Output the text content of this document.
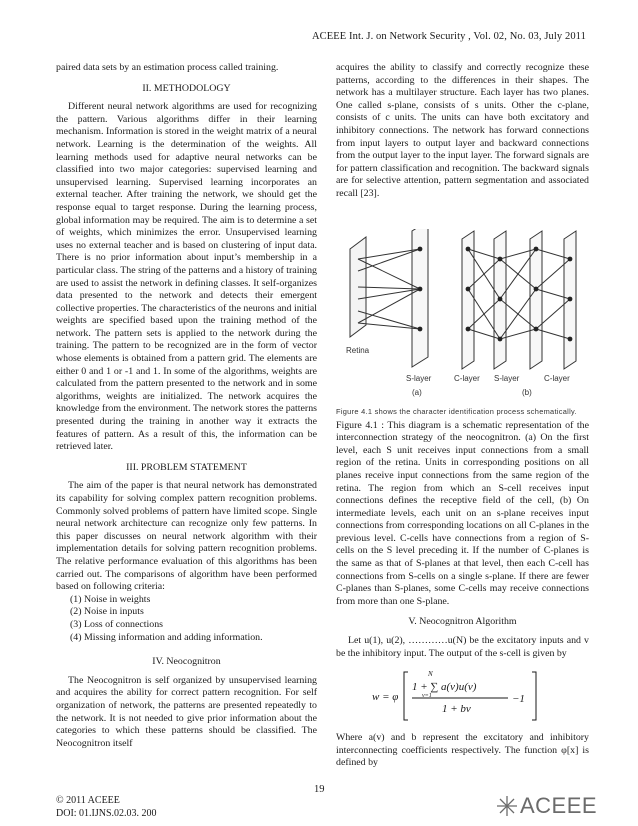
ACEEE Int. J. on Network Security , Vol. 02, No. 03, July 2011

paired data sets by an estimation process called training.

II. METHODOLOGY

Different neural network algorithms are used for recognizing the pattern. Various algorithms differ in their learning mechanism. Information is stored in the weight matrix of a neural network. Learning is the determination of the weights. All learning methods used for adaptive neural networks can be classified into two major categories: supervised learning and unsupervised learning. Supervised learning incorporates an external teacher. After training the network, we should get the response equal to target response. During the learning process, global information may be required. The aim is to determine a set of weights, which minimizes the error. Unsupervised learning uses no external teacher and is based on clustering of input data. There is no prior information about input’s membership in a particular class. The string of the patterns and a history of training are used to assist the network in defining classes. It self-organizes data presented to the network and detects their emergent collective properties. The characteristics of the neurons and initial weights are specified based upon the training method of the network. The pattern sets is applied to the network during the training. The pattern to be recognized are in the form of vector whose elements is obtained from a pattern grid. The elements are either 0 and 1 or -1 and 1. In some of the algorithms, weights are calculated from the pattern presented to the network and in some algorithms, weights are initialized. The network acquires the knowledge from the environment. The network stores the patterns presented during the training in another way it extracts the features of pattern. As a result of this, the information can be retrieved later.

III. PROBLEM STATEMENT

The aim of the paper is that neural network has demonstrated its capability for solving complex pattern recognition problems. Commonly solved problems of pattern have limited scope. Single neural network architecture can recognize only few patterns. In this paper discusses on neural network algorithm with their implementation details for solving pattern recognition problems. The relative performance evaluation of this algorithms has been carried out. The comparisons of algorithm have been performed based on following criteria:

(1) Noise in weights
(2) Noise in inputs
(3) Loss of connections
(4) Missing information and adding information.
IV. Neocognitron

The Neocognitron is self organized by unsupervised learning and acquires the ability for correct pattern recognition. For self organization of network, the patterns are presented repeatedly to the network. It is not needed to give prior information about the categories to which these patterns should be classified. The Neocognitron itself

acquires the ability to classify and correctly recognize these patterns, according to the differences in their shapes. The network has a multilayer structure. Each layer has two planes. One called s-plane, consists of s units. Other the c-plane, consists of c units. The units can have both excitatory and inhibitory connections. The network has forward connections from input layers to output layer and backward connections from the output layer to the input layer. The forward signals are for pattern classification and recognition. The backward signals are for selective attention, pattern segmentation and associated recall [23].

Retina
S-layer	C-layer S-layer	C-layer
(a)	(b)
Figure 4.1 shows the character identification process schematically.

Figure 4.1 : This diagram is a schematic representation of the interconnection strategy of the neocognitron. (a) On the first level, each S unit receives input connections from a small region of the retina. Units in corresponding positions on all planes receive input connections from the same region of the retina. The region from which an S-cell receives input connections defines the receptive field of the cell, (b) On intermediate levels, each unit on an s-plane receives input connections from corresponding locations on all C-planes in the previous level. C-cells have connections from a region of S-cells on the S level preceding it. If the number of C-planes is the same as that of S-planes at that level, then each C-cell has connections from S-cells on a single s-plane. If there are fewer C-planes than S-planes, some C-cells may receive connections from more than one S-plane.

V. Neocognitron Algorithm

Let u(1), u(2), …………u(N) be the excitatory inputs and v be the inhibitory input. The output of the s-cell is given by

w = φ
N
1 + ∑ a(v)u(v)
v=1
1 + bv
−1

Where a(v) and b represent the excitatory and inhibitory interconnecting coefficients respectively. The function φ[x] is defined by

19
© 2011 ACEEE
DOI: 01.IJNS.02.03. 200	ACEEE
